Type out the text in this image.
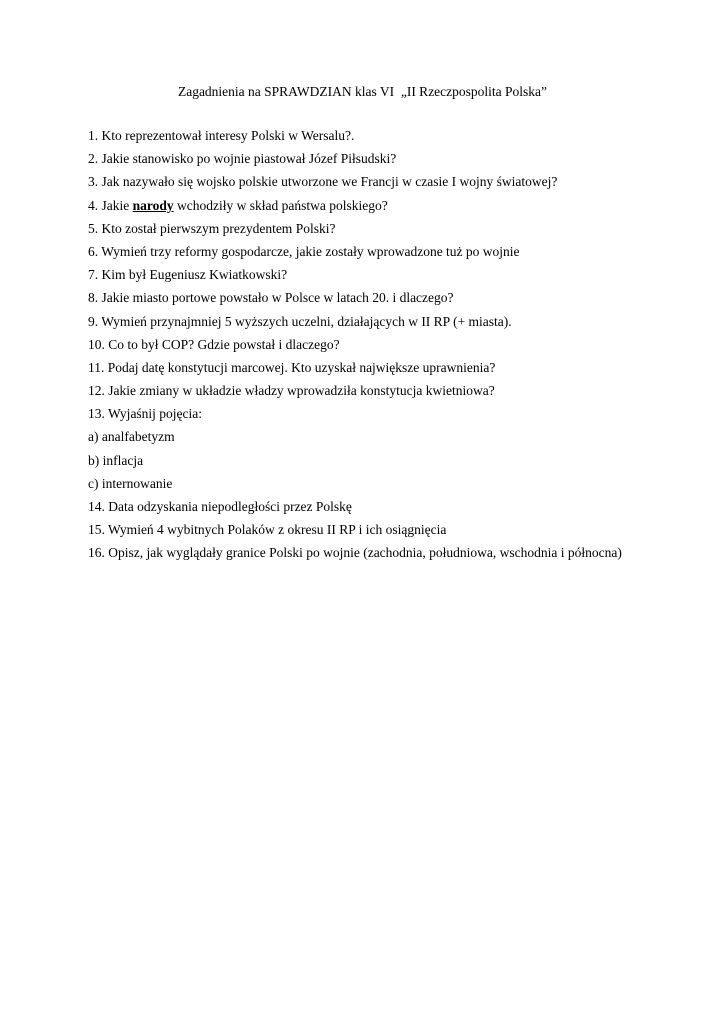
Zagadnienia na SPRAWDZIAN klas VI  „II Rzeczpospolita Polska”
1. Kto reprezentował interesy Polski w Wersalu?.
2. Jakie stanowisko po wojnie piastował Józef Piłsudski?
3. Jak nazywało się wojsko polskie utworzone we Francji w czasie I wojny światowej?
4. Jakie narody wchodziły w skład państwa polskiego?
5. Kto został pierwszym prezydentem Polski?
6. Wymień trzy reformy gospodarcze, jakie zostały wprowadzone tuż po wojnie
7. Kim był Eugeniusz Kwiatkowski?
8. Jakie miasto portowe powstało w Polsce w latach 20. i dlaczego?
9. Wymień przynajmniej 5 wyższych uczelni, działających w II RP (+ miasta).
10. Co to był COP? Gdzie powstał i dlaczego?
11. Podaj datę konstytucji marcowej. Kto uzyskał największe uprawnienia?
12. Jakie zmiany w układzie władzy wprowadziła konstytucja kwietniowa?
13. Wyjaśnij pojęcia:
a) analfabetyzm
b) inflacja
c) internowanie
14. Data odzyskania niepodległości przez Polskę
15. Wymień 4 wybitnych Polaków z okresu II RP i ich osiągnięcia
16. Opisz, jak wyglądały granice Polski po wojnie (zachodnia, południowa, wschodnia i północna)
